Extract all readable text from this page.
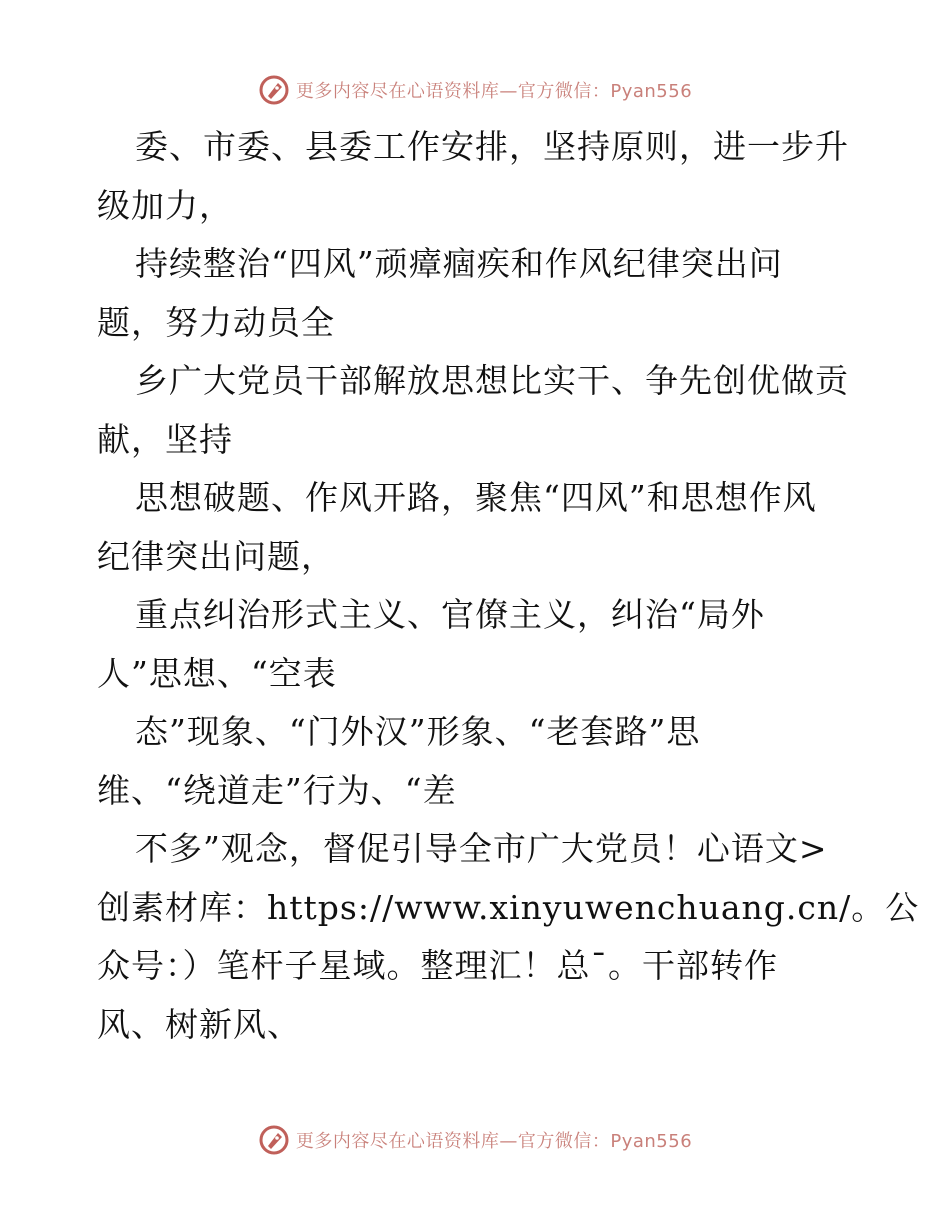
更多内容尽在心语资料库—官方微信：Pyan556
委、市委、县委工作安排，坚持原则，进一步升
级加力，
持续整治“四风”顽瘴痼疾和作风纪律突出问
题，努力动员全
乡广大党员干部解放思想比实干、争先创优做贡
献，坚持
思想破题、作风开路，聚焦“四风”和思想作风
纪律突出问题，
重点纠治形式主义、官僚主义，纠治“局外
人”思想、“空表
态”现象、“门外汉”形象、“老套路”思
维、“绕道走”行为、“差
不多”观念，督促引导全市广大党员！心语文>
创素材库：https://www.xinyuwenchuang.cn/。公
众号：）笔杆子星域。整理汇！总¯。干部转作
风、树新风、
更多内容尽在心语资料库—官方微信：Pyan556
